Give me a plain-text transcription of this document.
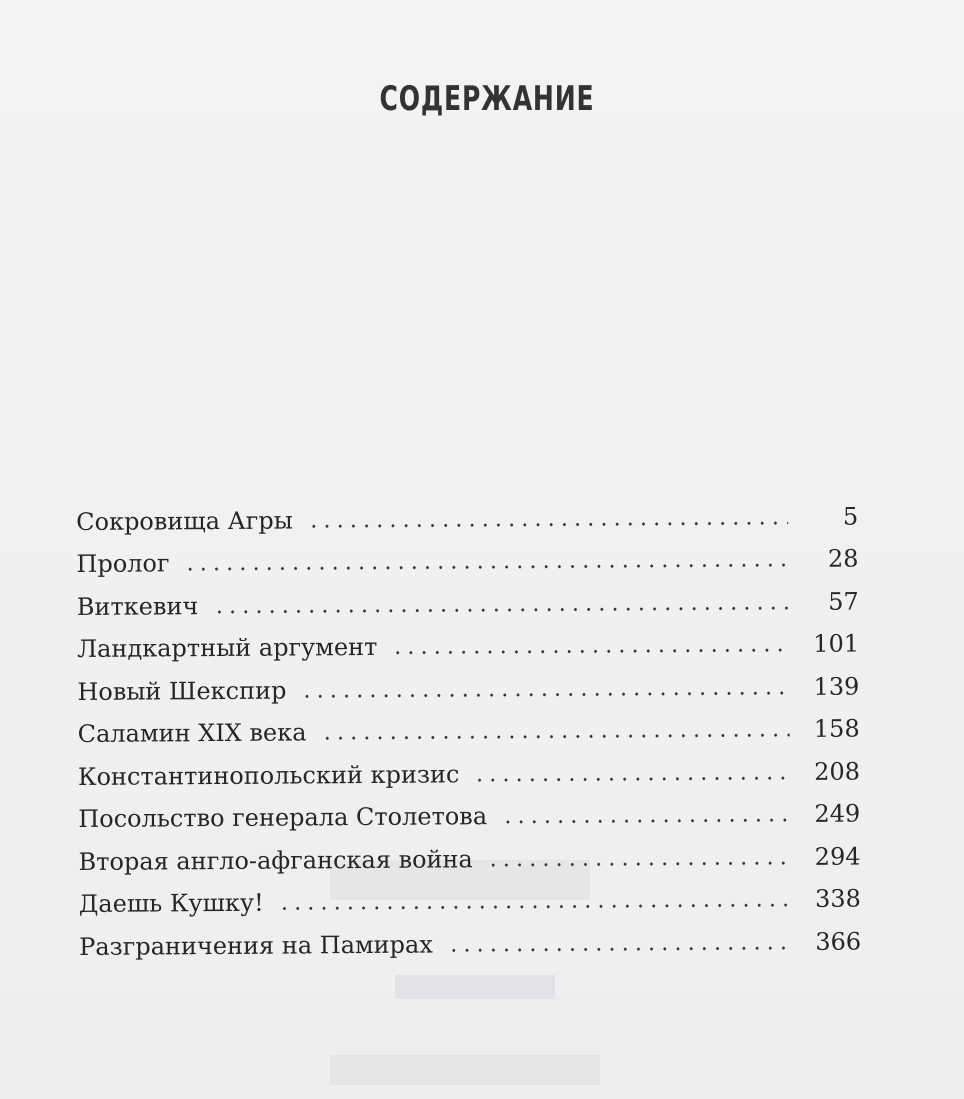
СОДЕРЖАНИЕ
Сокровища Агры	5
Пролог	28
Виткевич	57
Ландкартный аргумент	101
Новый Шекспир	139
Саламин XIX века	158
Константинопольский кризис	208
Посольство генерала Столетова	249
Вторая англо-афганская война	294
Даешь Кушку!	338
Разграничения на Памирах	366
